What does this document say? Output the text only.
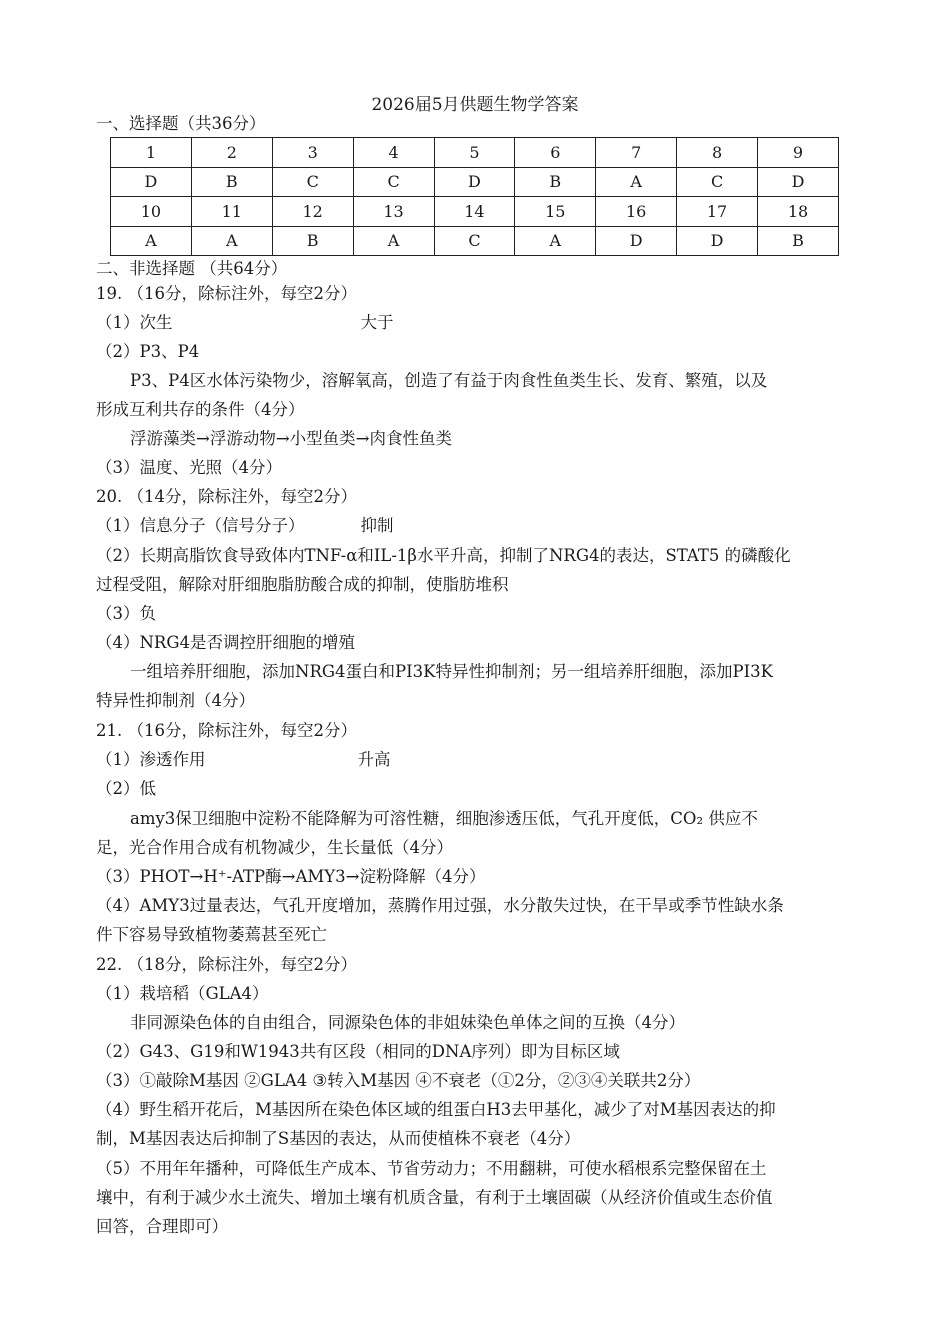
2026届5月供题生物学答案
一、选择题（共36分）
1	2	3	4	5	6	7	8	9
D	B	C	C	D	B	A	C	D
10	11	12	13	14	15	16	17	18
A	A	B	A	C	A	D	D	B
二、非选择题 （共64分）
19. （16分，除标注外，每空2分）
（1）次生	大于
（2）P3、P4
P3、P4区水体污染物少，溶解氧高，创造了有益于肉食性鱼类生长、发育、繁殖，以及
形成互利共存的条件（4分）
浮游藻类→浮游动物→小型鱼类→肉食性鱼类
（3）温度、光照（4分）
20. （14分，除标注外，每空2分）
（1）信息分子（信号分子）	抑制
（2）长期高脂饮食导致体内TNF-α和IL-1β水平升高，抑制了NRG4的表达，STAT5 的磷酸化
过程受阻，解除对肝细胞脂肪酸合成的抑制，使脂肪堆积
（3）负
（4）NRG4是否调控肝细胞的增殖
一组培养肝细胞，添加NRG4蛋白和PI3K特异性抑制剂；另一组培养肝细胞，添加PI3K
特异性抑制剂（4分）
21. （16分，除标注外，每空2分）
（1）渗透作用	升高
（2）低
amy3保卫细胞中淀粉不能降解为可溶性糖，细胞渗透压低，气孔开度低，CO₂ 供应不
足，光合作用合成有机物减少，生长量低（4分）
（3）PHOT→H⁺-ATP酶→AMY3→淀粉降解（4分）
（4）AMY3过量表达，气孔开度增加，蒸腾作用过强，水分散失过快，在干旱或季节性缺水条
件下容易导致植物萎蔫甚至死亡
22. （18分，除标注外，每空2分）
（1）栽培稻（GLA4）
非同源染色体的自由组合，同源染色体的非姐妹染色单体之间的互换（4分）
（2）G43、G19和W1943共有区段（相同的DNA序列）即为目标区域
（3）①敲除M基因 ②GLA4 ③转入M基因 ④不衰老（①2分，②③④关联共2分）
（4）野生稻开花后，M基因所在染色体区域的组蛋白H3去甲基化，减少了对M基因表达的抑
制，M基因表达后抑制了S基因的表达，从而使植株不衰老（4分）
（5）不用年年播种，可降低生产成本、节省劳动力；不用翻耕，可使水稻根系完整保留在土
壤中，有利于减少水土流失、增加土壤有机质含量，有利于土壤固碳（从经济价值或生态价值
回答，合理即可）
